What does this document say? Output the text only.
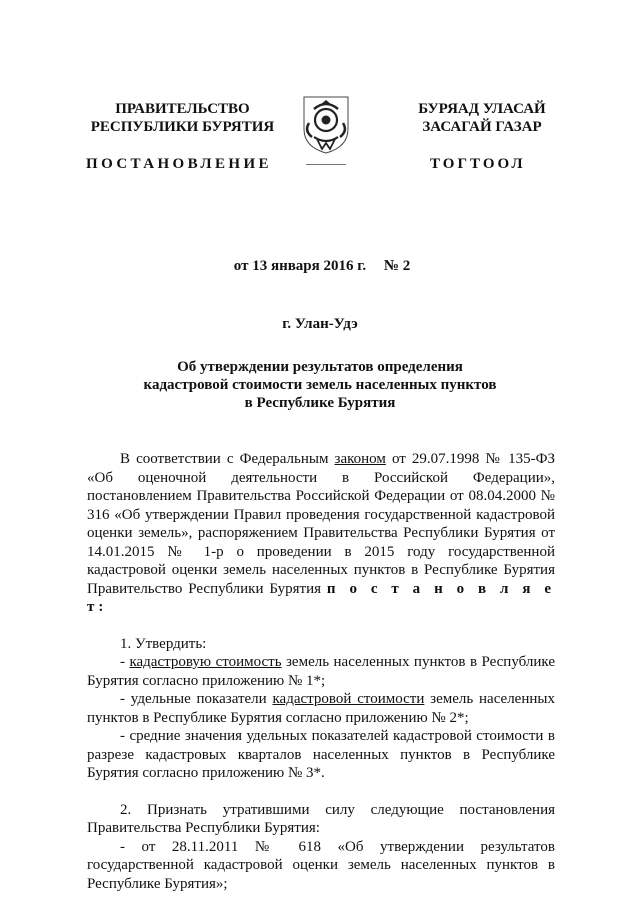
ПРАВИТЕЛЬСТВО
РЕСПУБЛИКИ БУРЯТИЯ
БУРЯАД УЛАСАЙ
ЗАСАГАЙ ГАЗАР
ПОСТАНОВЛЕНИЕ	ТОГТООЛ
от 13 января 2016 г. № 2
г. Улан-Удэ
Об утверждении результатов определения
кадастровой стоимости земель населенных пунктов
в Республике Бурятия

В соответствии с Федеральным законом от 29.07.1998 № 135-ФЗ «Об оценочной деятельности в Российской Федерации», постановлением Правительства Российской Федерации от 08.04.2000 № 316 «Об утверждении Правил проведения государственной кадастровой оценки земель», распоряжением Правительства Республики Бурятия от 14.01.2015 № 1-р о проведении в 2015 году государственной кадастровой оценки земель населенных пунктов в Республике Бурятия Правительство Республики Бурятия п о с т а н о в л я е т:

1. Утвердить:

- кадастровую стоимость земель населенных пунктов в Республике Бурятия согласно приложению № 1*;

- удельные показатели кадастровой стоимости земель населенных пунктов в Республике Бурятия согласно приложению № 2*;

- средние значения удельных показателей кадастровой стоимости в разрезе кадастровых кварталов населенных пунктов в Республике Бурятия согласно приложению № 3*.

2. Признать утратившими силу следующие постановления Правительства Республики Бурятия:

- от 28.11.2011 № 618 «Об утверждении результатов государственной кадастровой оценки земель населенных пунктов в Республике Бурятия»;
